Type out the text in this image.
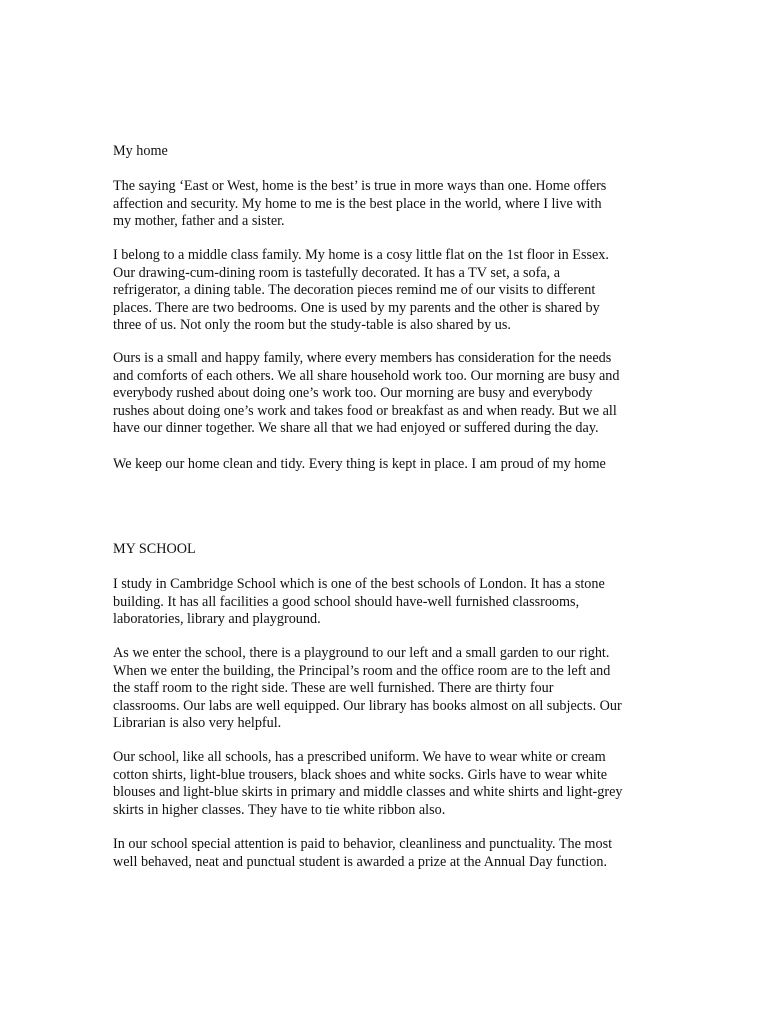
My home
The saying ‘East or West, home is the best’ is true in more ways than one. Home offers
affection and security. My home to me is the best place in the world, where I live with
my mother, father and a sister.
I belong to a middle class family. My home is a cosy little flat on the 1st floor in Essex.
Our drawing-cum-dining room is tastefully decorated. It has a TV set, a sofa, a
refrigerator, a dining table. The decoration pieces remind me of our visits to different
places. There are two bedrooms. One is used by my parents and the other is shared by
three of us. Not only the room but the study-table is also shared by us.
Ours is a small and happy family, where every members has consideration for the needs
and comforts of each others. We all share household work too. Our morning are busy and
everybody rushed about doing one’s work too. Our morning are busy and everybody
rushes about doing one’s work and takes food or breakfast as and when ready. But we all
have our dinner together. We share all that we had enjoyed or suffered during the day.
We keep our home clean and tidy. Every thing is kept in place. I am proud of my home
MY SCHOOL
I study in Cambridge School which is one of the best schools of London. It has a stone
building. It has all facilities a good school should have-well furnished classrooms,
laboratories, library and playground.
As we enter the school, there is a playground to our left and a small garden to our right.
When we enter the building, the Principal’s room and the office room are to the left and
the staff room to the right side. These are well furnished. There are thirty four
classrooms. Our labs are well equipped. Our library has books almost on all subjects. Our
Librarian is also very helpful.
Our school, like all schools, has a prescribed uniform. We have to wear white or cream
cotton shirts, light-blue trousers, black shoes and white socks. Girls have to wear white
blouses and light-blue skirts in primary and middle classes and white shirts and light-grey
skirts in higher classes. They have to tie white ribbon also.
In our school special attention is paid to behavior, cleanliness and punctuality. The most
well behaved, neat and punctual student is awarded a prize at the Annual Day function.
